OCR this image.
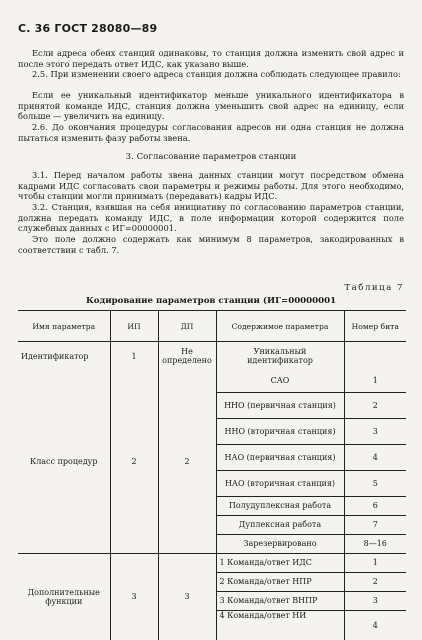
С. 36 ГОСТ 28080—89
Если адреса обеих станций одинаковы, то станция должна изменить свой адрес и после этого передать ответ ИДС, как указано выше.
2.5. При изменении своего адреса станция должна соблюдать следующее правило:
Если ее уникальный идентификатор меньше уникального идентификатора в принятой команде ИДС, станция должна уменьшить свой адрес на единицу, если больше — увеличить на единицу.
2.6. До окончания процедуры согласования адресов ни одна станция не должна пытаться изменить фазу работы звена.
3. Согласование параметров станции
3.1. Перед началом работы звена данных станции могут посредством обмена кадрами ИДС согласовать свои параметры и режимы работы. Для этого необходимо, чтобы станции могли принимать (передавать) кадры ИДС.
3.2. Станция, взявшая на себя инициативу по согласованию параметров станции, должна передать команду ИДС, в поле информации которой содержится поле служебных данных с ИГ=00000001.
Это поле должно содержать как минимум 8 параметров, закодированных в соответствии с табл. 7.
Таблица 7
Кодирование параметров станции (ИГ=00000001
Имя параметра	ИП	ДП	Содержимое параметра	Номер бита
Идентификатор	1	Не определено	Уникальный идентификатор	
Класс процедур	2	2	САО	1
			ННО (первичная станция)	2
			ННО (вторичная станция)	3
			НАО (первичная станция)	4
			НАО (вторичная станция)	5
			Полудуплексная работа	6
			Дуплексная работа	7
			Зарезервировано	8—16
Дополнительные функции	3	3	1 Команда/ответ ИДС	1
			2 Команда/ответ НПР	2
			3 Команда/ответ ВНПР	3
			4 Команда/ответ НИ	4
